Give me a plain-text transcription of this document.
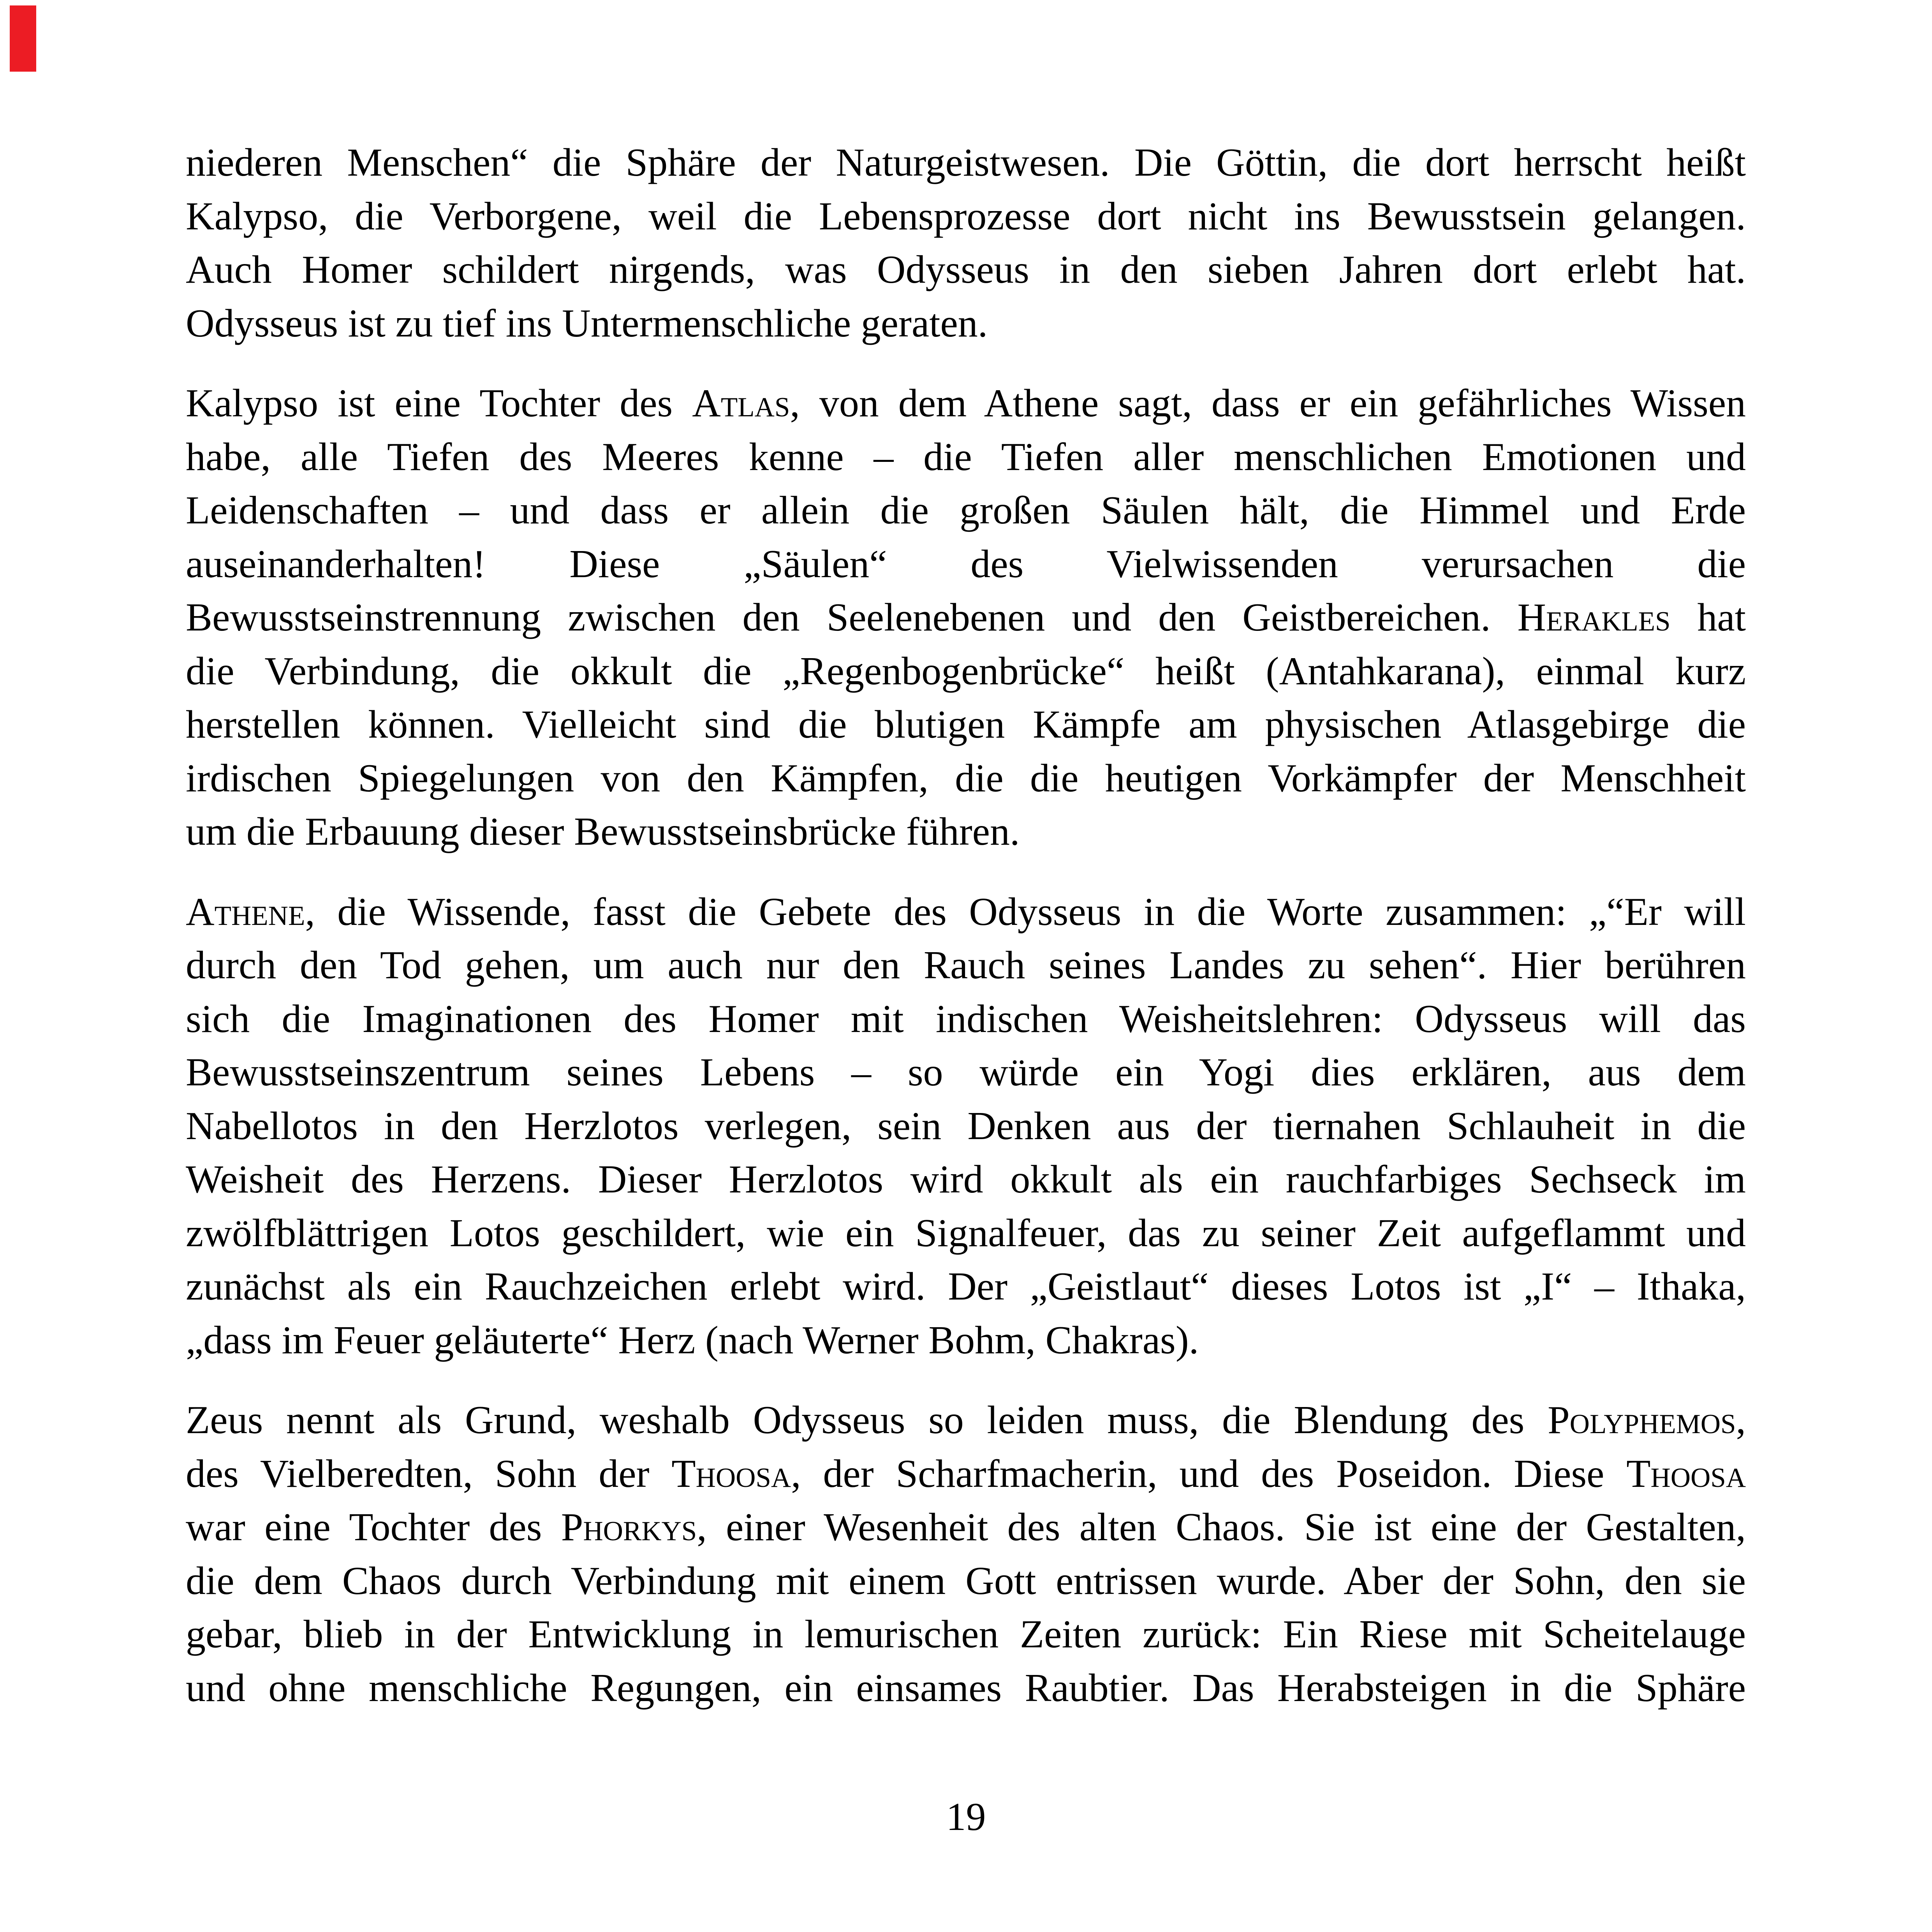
niederen Menschen“ die Sphäre der Naturgeistwesen. Die Göttin, die dort herrscht heißt
Kalypso, die Verborgene, weil die Lebensprozesse dort nicht ins Bewusstsein gelangen.
Auch Homer schildert nirgends, was Odysseus in den sieben Jahren dort erlebt hat.
Odysseus ist zu tief ins Untermenschliche geraten.
Kalypso ist eine Tochter des Atlas, von dem Athene sagt, dass er ein gefährliches Wissen
habe, alle Tiefen des Meeres kenne – die Tiefen aller menschlichen Emotionen und
Leidenschaften – und dass er allein die großen Säulen hält, die Himmel und Erde
auseinanderhalten! Diese „Säulen“ des Vielwissenden verursachen die
Bewusstseinstrennung zwischen den Seelenebenen und den Geistbereichen. Herakles hat
die Verbindung, die okkult die „Regenbogenbrücke“ heißt (Antahkarana), einmal kurz
herstellen können. Vielleicht sind die blutigen Kämpfe am physischen Atlasgebirge die
irdischen Spiegelungen von den Kämpfen, die die heutigen Vorkämpfer der Menschheit
um die Erbauung dieser Bewusstseinsbrücke führen.
Athene, die Wissende, fasst die Gebete des Odysseus in die Worte zusammen: „“Er will
durch den Tod gehen, um auch nur den Rauch seines Landes zu sehen“. Hier berühren
sich die Imaginationen des Homer mit indischen Weisheitslehren: Odysseus will das
Bewusstseinszentrum seines Lebens – so würde ein Yogi dies erklären, aus dem
Nabellotos in den Herzlotos verlegen, sein Denken aus der tiernahen Schlauheit in die
Weisheit des Herzens. Dieser Herzlotos wird okkult als ein rauchfarbiges Sechseck im
zwölfblättrigen Lotos geschildert, wie ein Signalfeuer, das zu seiner Zeit aufgeflammt und
zunächst als ein Rauchzeichen erlebt wird. Der „Geistlaut“ dieses Lotos ist „I“ – Ithaka,
„dass im Feuer geläuterte“ Herz (nach Werner Bohm, Chakras).
Zeus nennt als Grund, weshalb Odysseus so leiden muss, die Blendung des Polyphemos,
des Vielberedten, Sohn der Thoosa, der Scharfmacherin, und des Poseidon. Diese Thoosa
war eine Tochter des Phorkys, einer Wesenheit des alten Chaos. Sie ist eine der Gestalten,
die dem Chaos durch Verbindung mit einem Gott entrissen wurde. Aber der Sohn, den sie
gebar, blieb in der Entwicklung in lemurischen Zeiten zurück: Ein Riese mit Scheitelauge
und ohne menschliche Regungen, ein einsames Raubtier. Das Herabsteigen in die Sphäre
19
